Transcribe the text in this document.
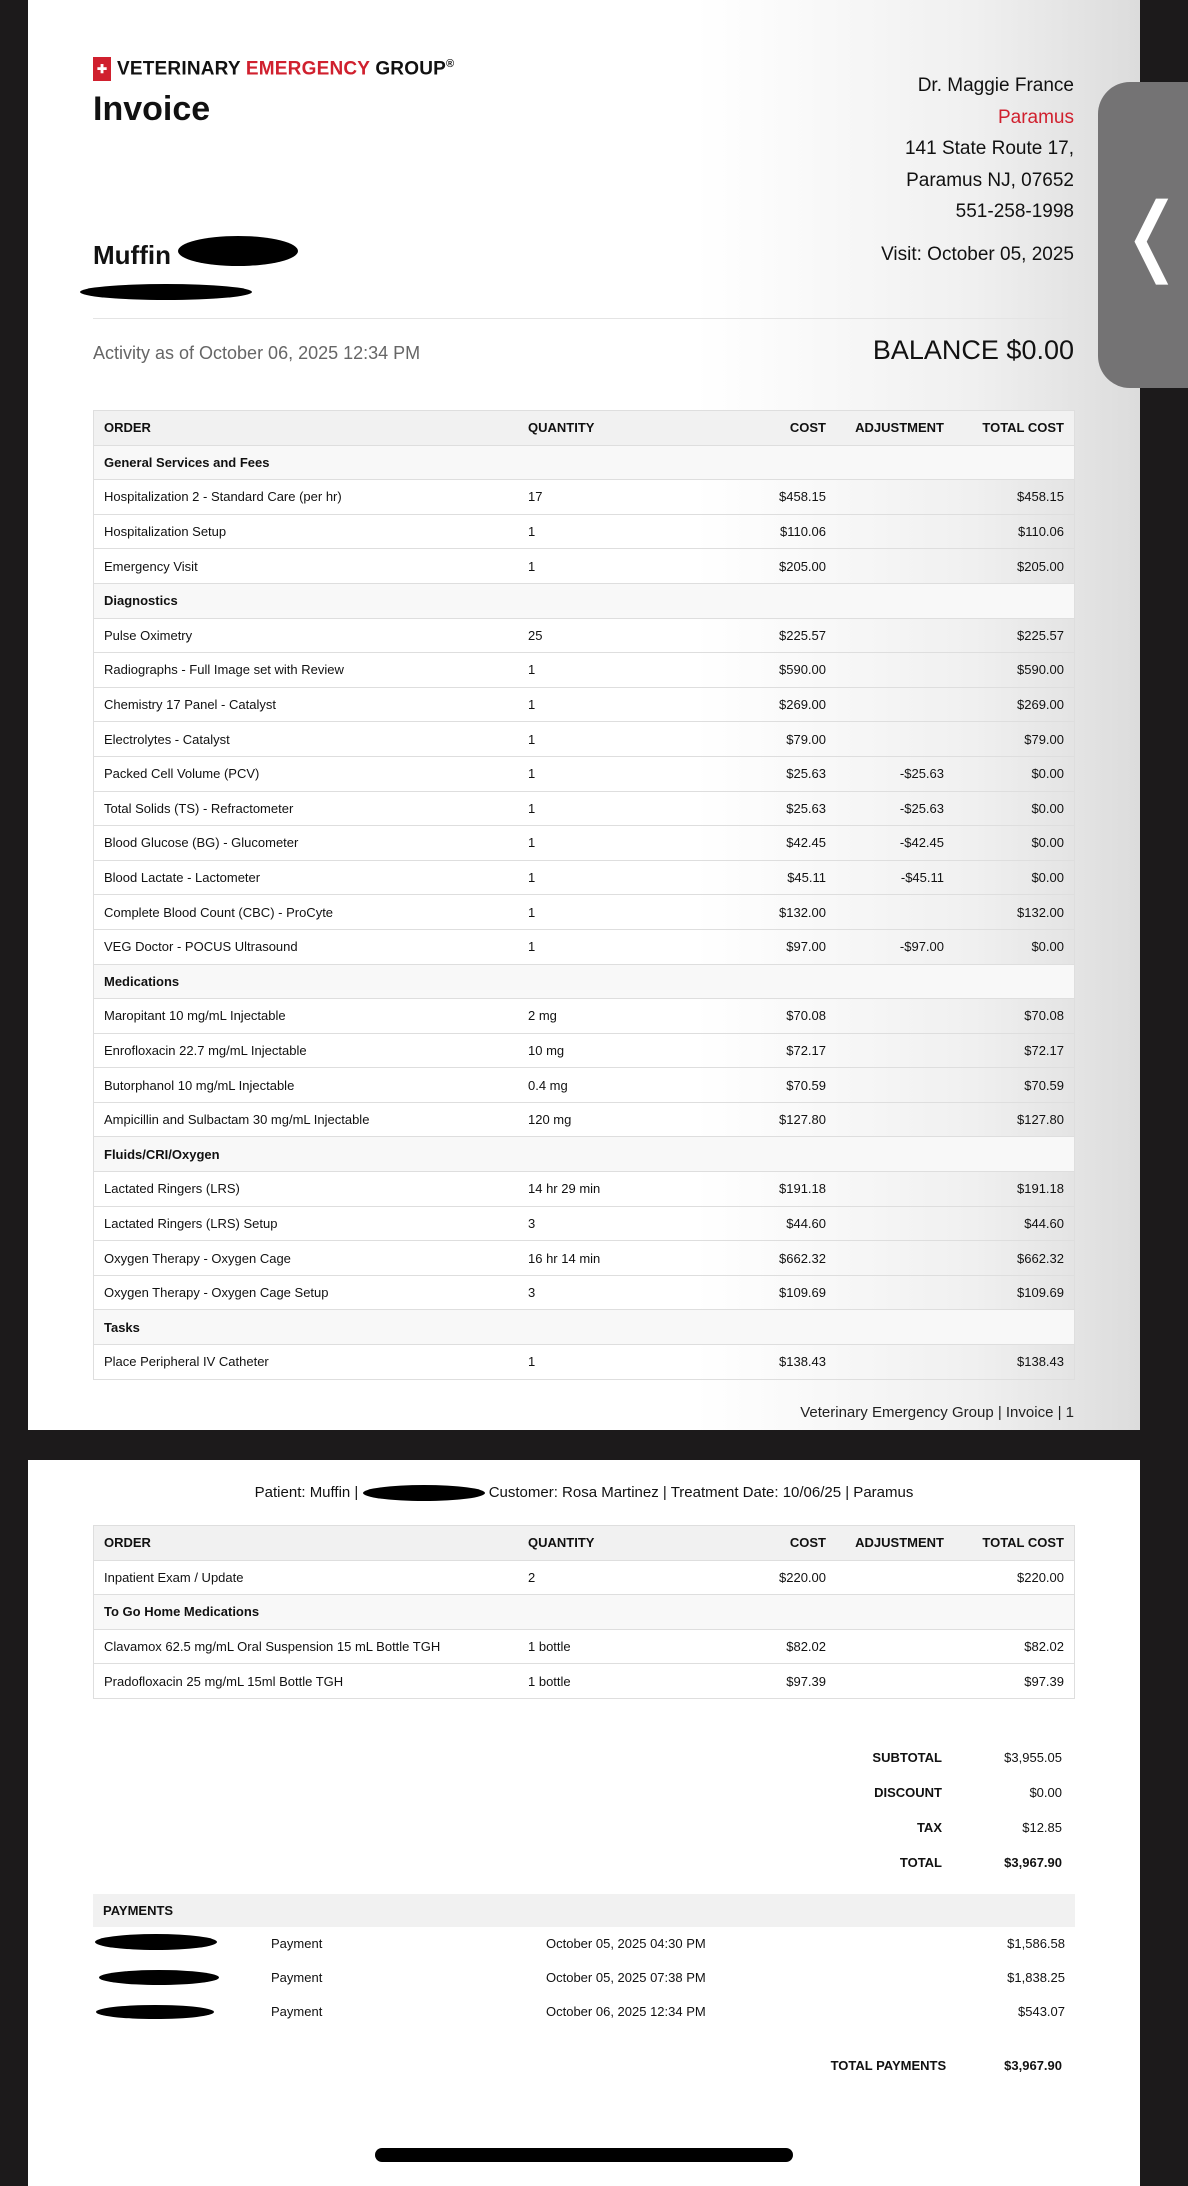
✚ VETERINARY EMERGENCY GROUP®
Invoice
Dr. Maggie France
Paramus
141 State Route 17,
Paramus NJ, 07652
551-258-1998
Muffin	Visit: October 05, 2025
Activity as of October 06, 2025 12:34 PM	BALANCE $0.00
ORDER	QUANTITY	COST	ADJUSTMENT	TOTAL COST
General Services and Fees				
Hospitalization 2 - Standard Care (per hr)	17	$458.15		$458.15
Hospitalization Setup	1	$110.06		$110.06
Emergency Visit	1	$205.00		$205.00
Diagnostics				
Pulse Oximetry	25	$225.57		$225.57
Radiographs - Full Image set with Review	1	$590.00		$590.00
Chemistry 17 Panel - Catalyst	1	$269.00		$269.00
Electrolytes - Catalyst	1	$79.00		$79.00
Packed Cell Volume (PCV)	1	$25.63	-$25.63	$0.00
Total Solids (TS) - Refractometer	1	$25.63	-$25.63	$0.00
Blood Glucose (BG) - Glucometer	1	$42.45	-$42.45	$0.00
Blood Lactate - Lactometer	1	$45.11	-$45.11	$0.00
Complete Blood Count (CBC) - ProCyte	1	$132.00		$132.00
VEG Doctor - POCUS Ultrasound	1	$97.00	-$97.00	$0.00
Medications				
Maropitant 10 mg/mL Injectable	2 mg	$70.08		$70.08
Enrofloxacin 22.7 mg/mL Injectable	10 mg	$72.17		$72.17
Butorphanol 10 mg/mL Injectable	0.4 mg	$70.59		$70.59
Ampicillin and Sulbactam 30 mg/mL Injectable	120 mg	$127.80		$127.80
Fluids/CRI/Oxygen				
Lactated Ringers (LRS)	14 hr 29 min	$191.18		$191.18
Lactated Ringers (LRS) Setup	3	$44.60		$44.60
Oxygen Therapy - Oxygen Cage	16 hr 14 min	$662.32		$662.32
Oxygen Therapy - Oxygen Cage Setup	3	$109.69		$109.69
Tasks				
Place Peripheral IV Catheter	1	$138.43		$138.43
Veterinary Emergency Group | Invoice | 1
Patient: Muffin |	Customer: Rosa Martinez | Treatment Date: 10/06/25 | Paramus
ORDER	QUANTITY	COST	ADJUSTMENT	TOTAL COST
Inpatient Exam / Update	2	$220.00		$220.00
To Go Home Medications				
Clavamox 62.5 mg/mL Oral Suspension 15 mL Bottle TGH	1 bottle	$82.02		$82.02
Pradofloxacin 25 mg/mL 15ml Bottle TGH	1 bottle	$97.39		$97.39
SUBTOTAL	$3,955.05
DISCOUNT	$0.00
TAX	$12.85
TOTAL	$3,967.90
PAYMENTS
Payment	October 05, 2025 04:30 PM	$1,586.58
Payment	October 05, 2025 07:38 PM	$1,838.25
Payment	October 06, 2025 12:34 PM	$543.07
TOTAL PAYMENTS	$3,967.90
❬
